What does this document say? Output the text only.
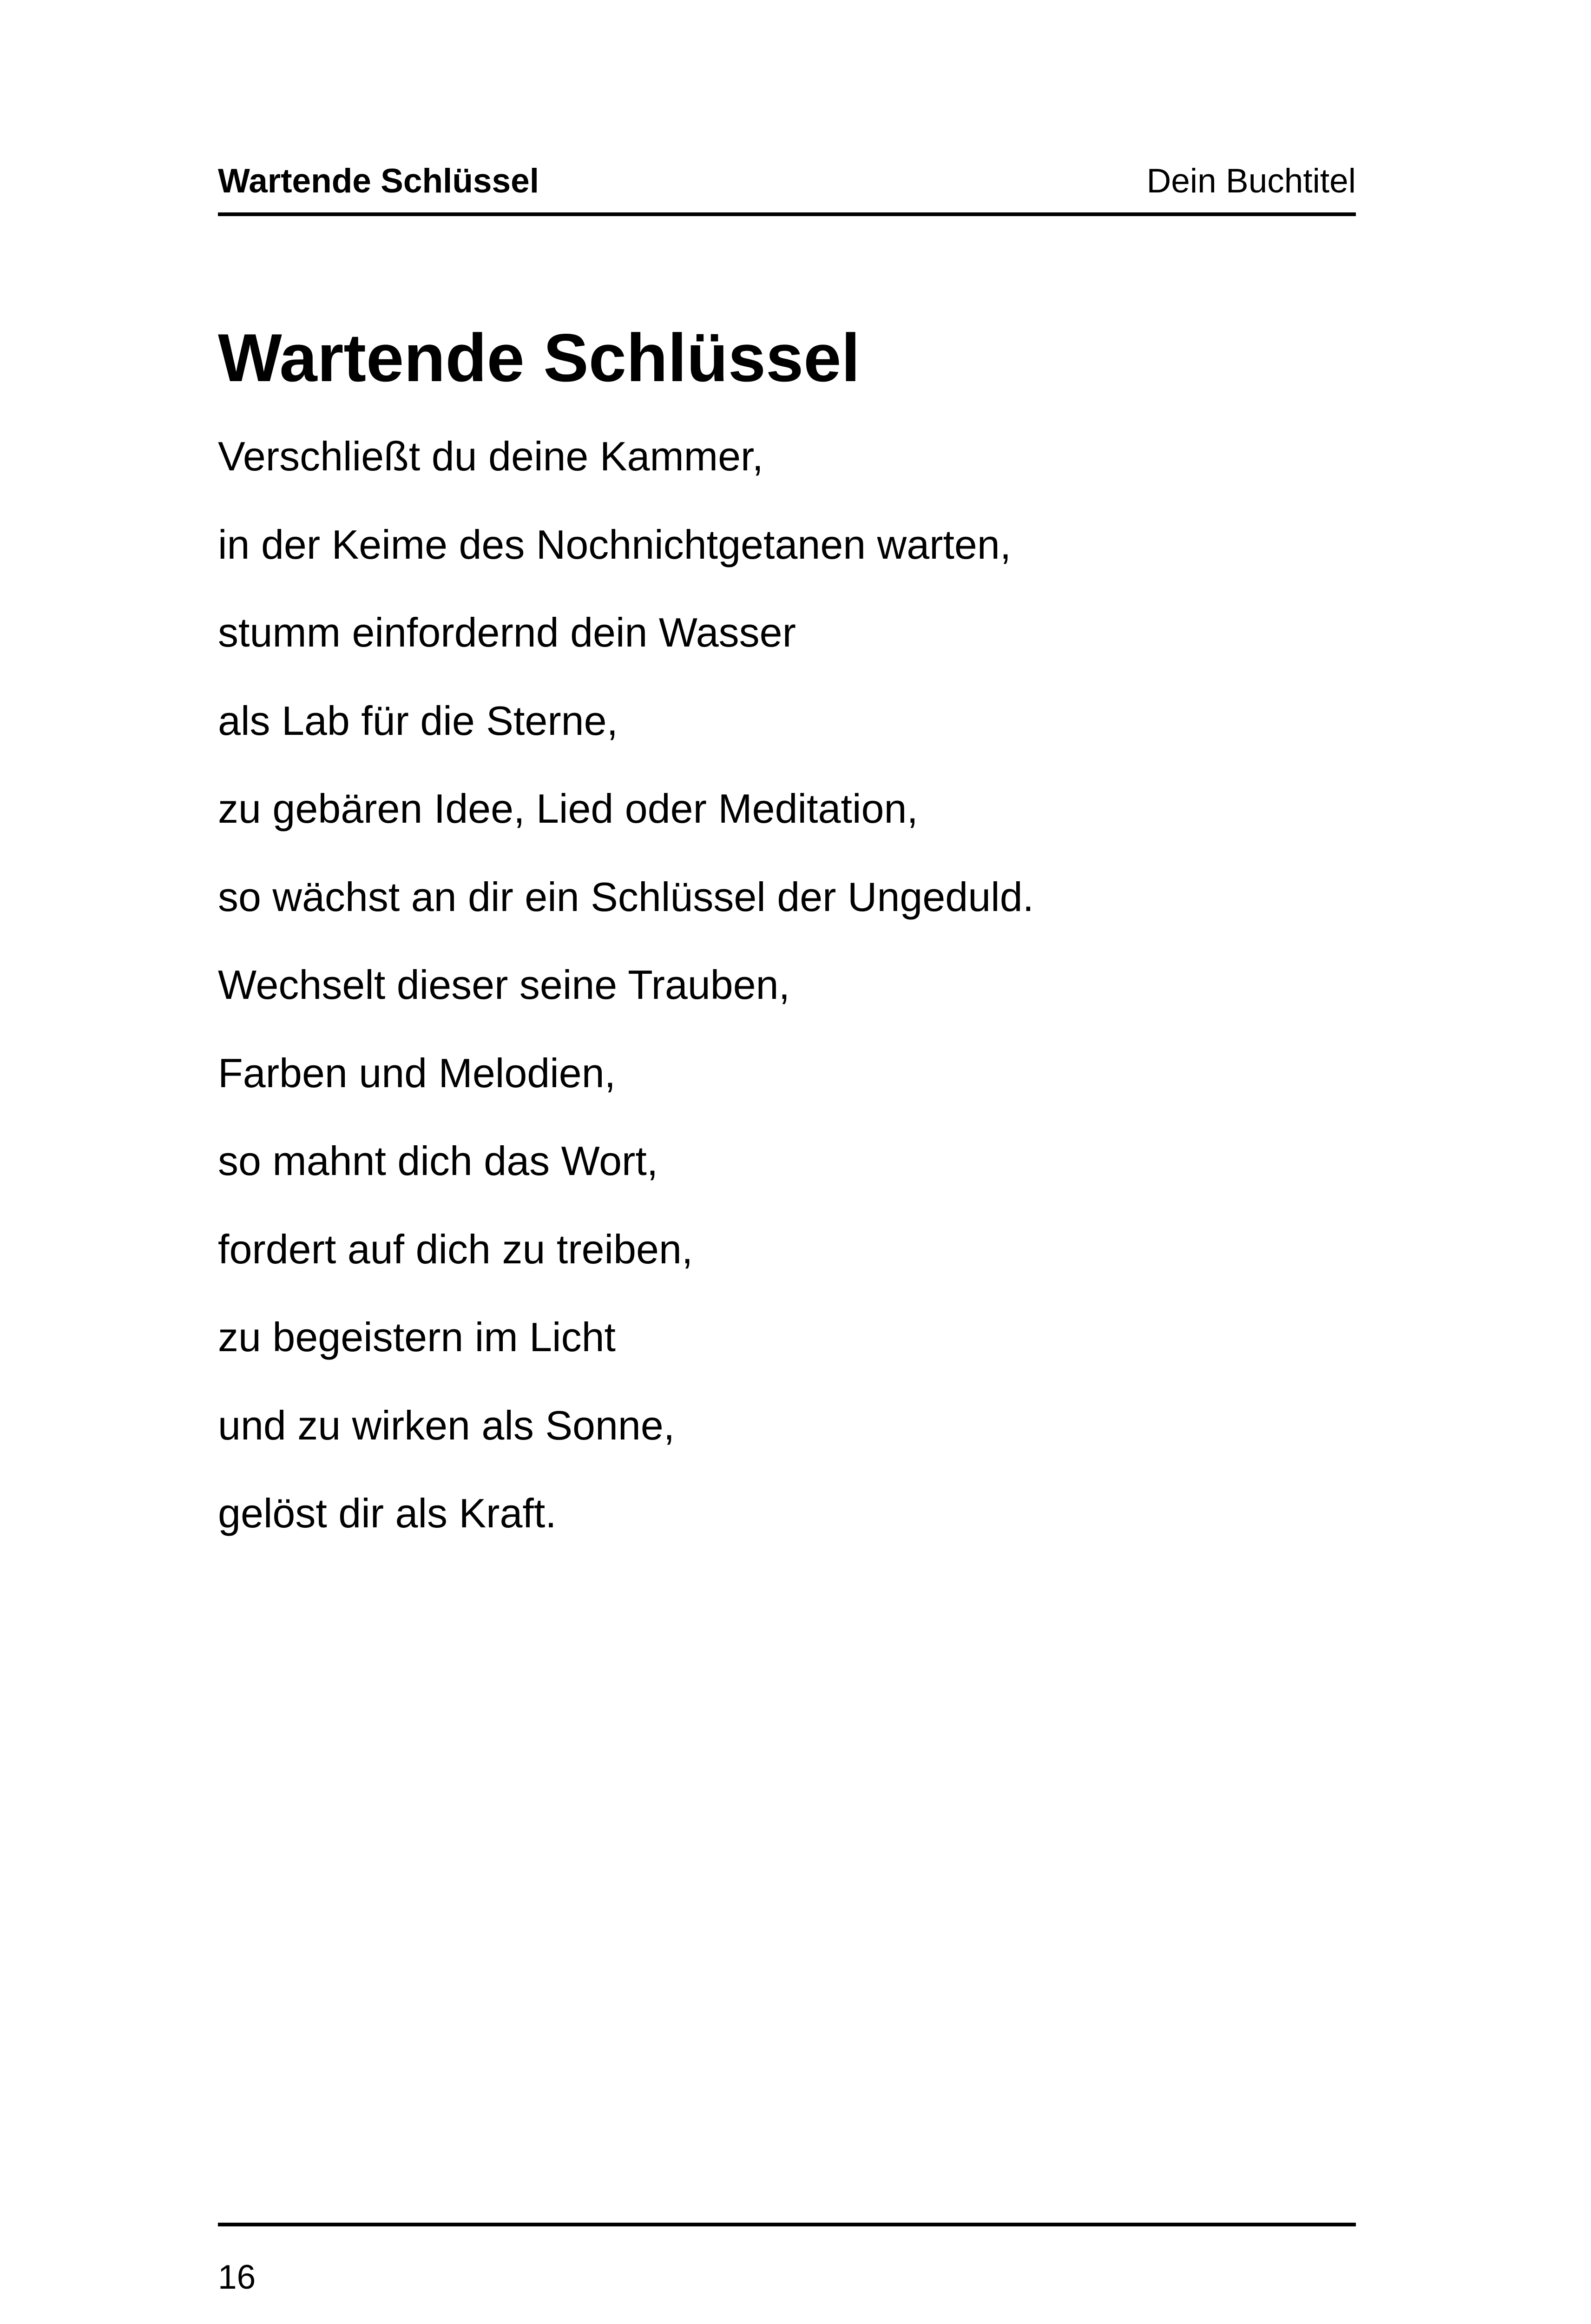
Wartende Schlüssel	Dein Buchtitel
Wartende Schlüssel
Verschließt du deine Kammer,
in der Keime des Nochnichtgetanen warten,
stumm einfordernd dein Wasser
als Lab für die Sterne,
zu gebären Idee, Lied oder Meditation,
so wächst an dir ein Schlüssel der Ungeduld.
Wechselt dieser seine Trauben,
Farben und Melodien,
so mahnt dich das Wort,
fordert auf dich zu treiben,
zu begeistern im Licht
und zu wirken als Sonne,
gelöst dir als Kraft.
16
